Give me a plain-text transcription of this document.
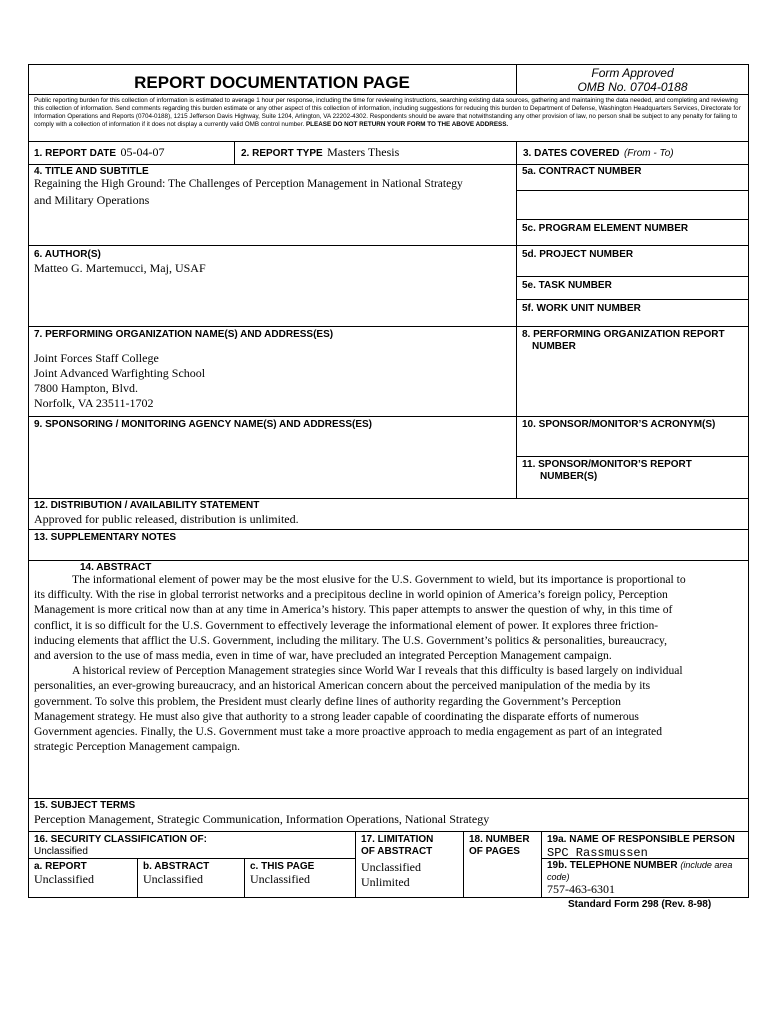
REPORT DOCUMENTATION PAGE	Form Approved
OMB No. 0704-0188
Public reporting burden for this collection of information is estimated to average 1 hour per response, including the time for reviewing instructions, searching existing data sources, gathering and maintaining the data needed, and completing and reviewing this collection of information. Send comments regarding this burden estimate or any other aspect of this collection of information, including suggestions for reducing this burden to Department of Defense, Washington Headquarters Services, Directorate for Information Operations and Reports (0704-0188), 1215 Jefferson Davis Highway, Suite 1204, Arlington, VA 22202-4302. Respondents should be aware that notwithstanding any other provision of law, no person shall be subject to any penalty for failing to comply with a collection of information if it does not display a currently valid OMB control number. PLEASE DO NOT RETURN YOUR FORM TO THE ABOVE ADDRESS.
1. REPORT DATE 05-04-07	2. REPORT TYPE Masters Thesis	3. DATES COVERED (From - To)
4. TITLE AND SUBTITLE
Regaining the High Ground: The Challenges of Perception Management in National Strategy
and Military Operations
5a. CONTRACT NUMBER
5c. PROGRAM ELEMENT NUMBER
6. AUTHOR(S)
Matteo G. Martemucci, Maj, USAF
5d. PROJECT NUMBER
5e. TASK NUMBER
5f. WORK UNIT NUMBER
7. PERFORMING ORGANIZATION NAME(S) AND ADDRESS(ES)
Joint Forces Staff College
Joint Advanced Warfighting School
7800 Hampton, Blvd.
Norfolk, VA 23511-1702
8. PERFORMING ORGANIZATION REPORT
NUMBER
9. SPONSORING / MONITORING AGENCY NAME(S) AND ADDRESS(ES)	10. SPONSOR/MONITOR’S ACRONYM(S)
11. SPONSOR/MONITOR’S REPORT
NUMBER(S)
12. DISTRIBUTION / AVAILABILITY STATEMENT
Approved for public released, distribution is unlimited.
13. SUPPLEMENTARY NOTES
14. ABSTRACT
The informational element of power may be the most elusive for the U.S. Government to wield, but its importance is proportional to
its difficulty. With the rise in global terrorist networks and a precipitous decline in world opinion of America’s foreign policy, Perception
Management is more critical now than at any time in America’s history. This paper attempts to answer the question of why, in this time of
conflict, it is so difficult for the U.S. Government to effectively leverage the informational element of power. It explores three friction-
inducing elements that afflict the U.S. Government, including the military. The U.S. Government’s politics & personalities, bureaucracy,
and aversion to the use of mass media, even in time of war, have precluded an integrated Perception Management campaign.
A historical review of Perception Management strategies since World War I reveals that this difficulty is based largely on individual
personalities, an ever-growing bureaucracy, and an historical American concern about the perceived manipulation of the media by its
government. To solve this problem, the President must clearly define lines of authority regarding the Government’s Perception
Management strategy. He must also give that authority to a strong leader capable of coordinating the disparate efforts of numerous
Government agencies. Finally, the U.S. Government must take a more proactive approach to media engagement as part of an integrated
strategic Perception Management campaign.
15. SUBJECT TERMS
Perception Management, Strategic Communication, Information Operations, National Strategy
16. SECURITY CLASSIFICATION OF:
Unclassified
a. REPORT
Unclassified
b. ABSTRACT
Unclassified
c. THIS PAGE
Unclassified
17. LIMITATION
OF ABSTRACT
Unclassified
Unlimited
18. NUMBER
OF PAGES
19a. NAME OF RESPONSIBLE PERSON
SPC Rassmussen
19b. TELEPHONE NUMBER (include area
code)
757-463-6301
Standard Form 298 (Rev. 8-98)
